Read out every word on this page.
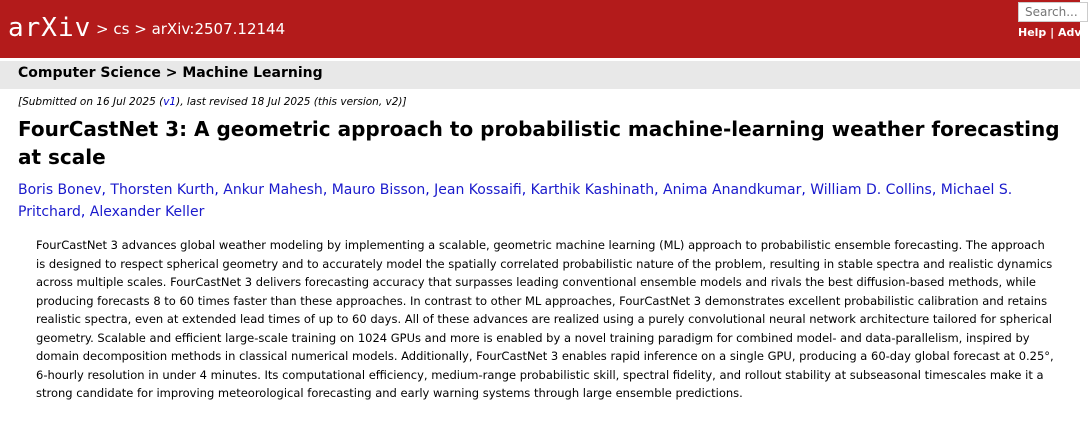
arXiv > cs > arXiv:2507.12144
Search...	Help | Adva
Computer Science > Machine Learning
[Submitted on 16 Jul 2025 (v1), last revised 18 Jul 2025 (this version, v2)]
FourCastNet 3: A geometric approach to probabilistic machine-learning weather forecasting at scale
Boris Bonev, Thorsten Kurth, Ankur Mahesh, Mauro Bisson, Jean Kossaifi, Karthik Kashinath, Anima Anandkumar, William D. Collins, Michael S. Pritchard, Alexander Keller

FourCastNet 3 advances global weather modeling by implementing a scalable, geometric machine learning (ML) approach to probabilistic ensemble forecasting. The approach is designed to respect spherical geometry and to accurately model the spatially correlated probabilistic nature of the problem, resulting in stable spectra and realistic dynamics across multiple scales. FourCastNet 3 delivers forecasting accuracy that surpasses leading conventional ensemble models and rivals the best diffusion-based methods, while producing forecasts 8 to 60 times faster than these approaches. In contrast to other ML approaches, FourCastNet 3 demonstrates excellent probabilistic calibration and retains realistic spectra, even at extended lead times of up to 60 days. All of these advances are realized using a purely convolutional neural network architecture tailored for spherical geometry. Scalable and efficient large-scale training on 1024 GPUs and more is enabled by a novel training paradigm for combined model- and data-parallelism, inspired by domain decomposition methods in classical numerical models. Additionally, FourCastNet 3 enables rapid inference on a single GPU, producing a 60-day global forecast at 0.25°, 6-hourly resolution in under 4 minutes. Its computational efficiency, medium-range probabilistic skill, spectral fidelity, and rollout stability at subseasonal timescales make it a strong candidate for improving meteorological forecasting and early warning systems through large ensemble predictions.
